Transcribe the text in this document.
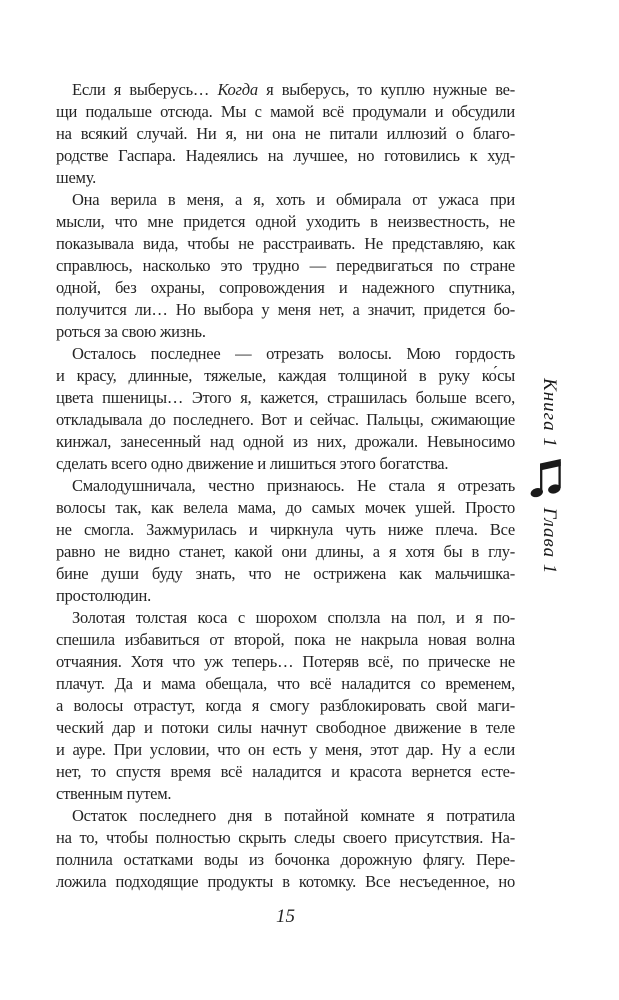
Если я выберусь… Когда я выберусь, то куплю нужные ве-
щи подальше отсюда. Мы с мамой всё продумали и обсудили
на всякий случай. Ни я, ни она не питали иллюзий о благо-
родстве Гаспара. Надеялись на лучшее, но готовились к худ-
шему.
Она верила в меня, а я, хоть и обмирала от ужаса при
мысли, что мне придется одной уходить в неизвестность, не
показывала вида, чтобы не расстраивать. Не представляю, как
справлюсь, насколько это трудно — передвигаться по стране
одной, без охраны, сопровождения и надежного спутника,
получится ли… Но выбора у меня нет, а значит, придется бо-
роться за свою жизнь.
Осталось последнее — отрезать волосы. Мою гордость
и красу, длинные, тяжелые, каждая толщиной в руку ко́сы
цвета пшеницы… Этого я, кажется, страшилась больше всего,
откладывала до последнего. Вот и сейчас. Пальцы, сжимающие
кинжал, занесенный над одной из них, дрожали. Невыносимо
сделать всего одно движение и лишиться этого богатства.
Смалодушничала, честно признаюсь. Не стала я отрезать
волосы так, как велела мама, до самых мочек ушей. Просто
не смогла. Зажмурилась и чиркнула чуть ниже плеча. Все
равно не видно станет, какой они длины, а я хотя бы в глу-
бине души буду знать, что не острижена как мальчишка-
простолюдин.
Золотая толстая коса с шорохом сползла на пол, и я по-
спешила избавиться от второй, пока не накрыла новая волна
отчаяния. Хотя что уж теперь… Потеряв всё, по прическе не
плачут. Да и мама обещала, что всё наладится со временем,
а волосы отрастут, когда я смогу разблокировать свой маги-
ческий дар и потоки силы начнут свободное движение в теле
и ауре. При условии, что он есть у меня, этот дар. Ну а если
нет, то спустя время всё наладится и красота вернется есте-
ственным путем.
Остаток последнего дня в потайной комнате я потратила
на то, чтобы полностью скрыть следы своего присутствия. На-
полнила остатками воды из бочонка дорожную флягу. Пере-
ложила подходящие продукты в котомку. Все несъеденное, но
Книга 1
Глава 1
15
